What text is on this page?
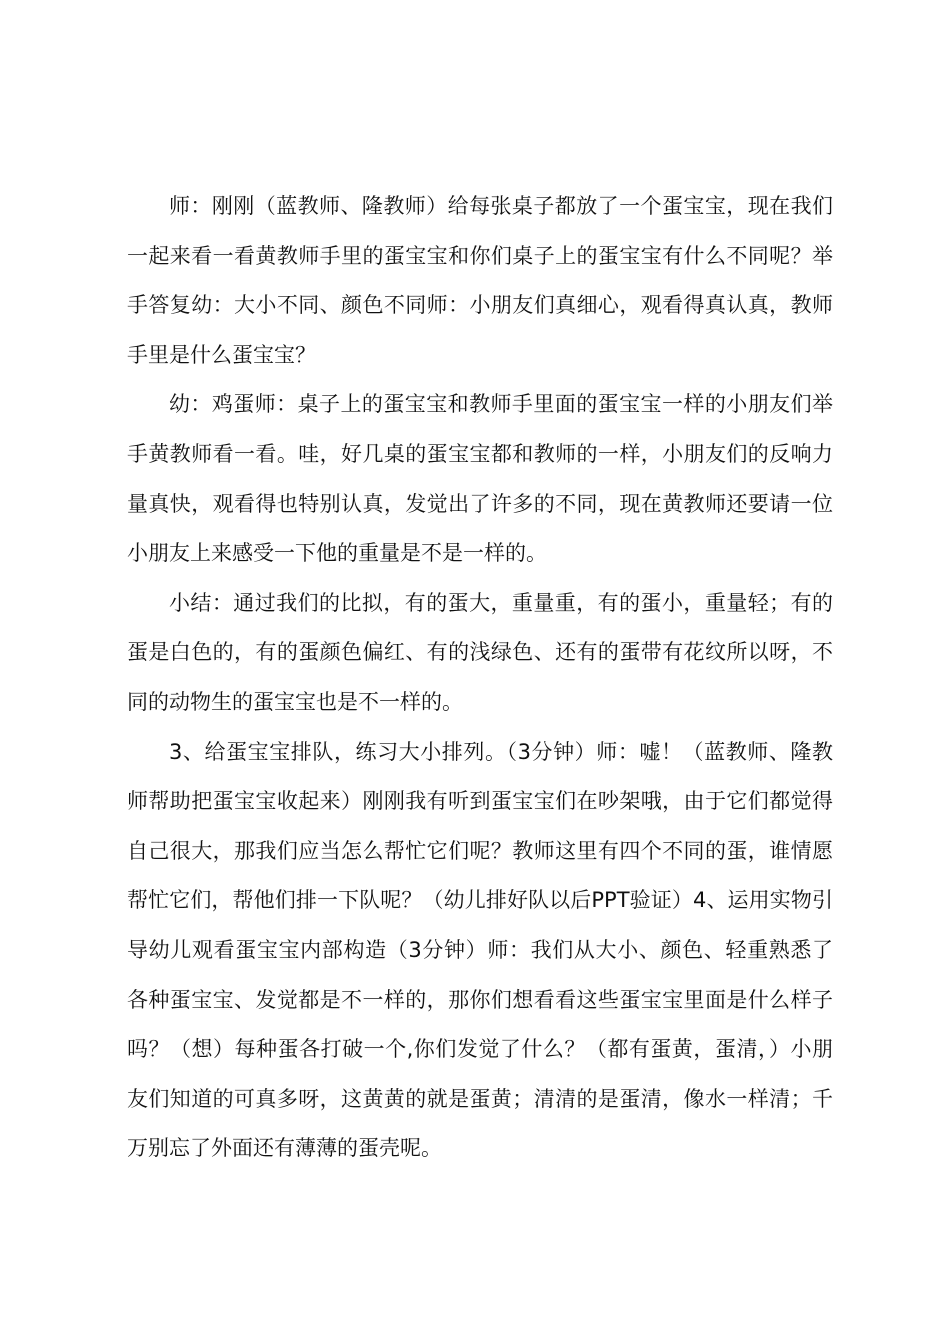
师：刚刚（蓝教师、隆教师）给每张桌子都放了一个蛋宝宝，现在我们一起来看一看黄教师手里的蛋宝宝和你们桌子上的蛋宝宝有什么不同呢？举手答复幼：大小不同、颜色不同师：小朋友们真细心，观看得真认真，教师手里是什么蛋宝宝？

幼：鸡蛋师：桌子上的蛋宝宝和教师手里面的蛋宝宝一样的小朋友们举手黄教师看一看。哇，好几桌的蛋宝宝都和教师的一样，小朋友们的反响力量真快，观看得也特别认真，发觉出了许多的不同，现在黄教师还要请一位小朋友上来感受一下他的重量是不是一样的。

小结：通过我们的比拟，有的蛋大，重量重，有的蛋小，重量轻；有的蛋是白色的，有的蛋颜色偏红、有的浅绿色、还有的蛋带有花纹所以呀，不同的动物生的蛋宝宝也是不一样的。

3、给蛋宝宝排队，练习大小排列。（3分钟）师：嘘！（蓝教师、隆教师帮助把蛋宝宝收起来）刚刚我有听到蛋宝宝们在吵架哦，由于它们都觉得自己很大，那我们应当怎么帮忙它们呢？教师这里有四个不同的蛋，谁情愿帮忙它们，帮他们排一下队呢？（幼儿排好队以后PPT验证）4、运用实物引导幼儿观看蛋宝宝内部构造（3分钟）师：我们从大小、颜色、轻重熟悉了各种蛋宝宝、发觉都是不一样的，那你们想看看这些蛋宝宝里面是什么样子吗？（想）每种蛋各打破一个,你们发觉了什么？（都有蛋黄，蛋清，）小朋友们知道的可真多呀，这黄黄的就是蛋黄；清清的是蛋清，像水一样清；千万别忘了外面还有薄薄的蛋壳呢。
